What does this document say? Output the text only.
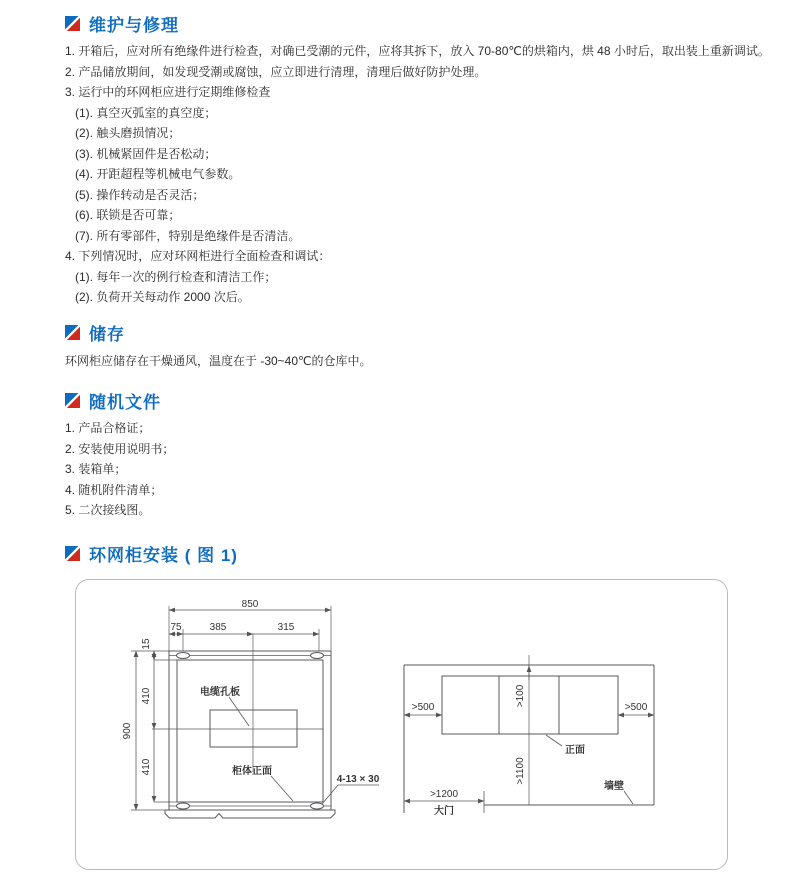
维护与修理

1. 开箱后，应对所有绝缘件进行检查，对确已受潮的元件，应将其拆下，放入 70-80℃的烘箱内，烘 48 小时后，取出装上重新调试。

2. 产品储放期间，如发现受潮或腐蚀，应立即进行清理，清理后做好防护处理。

3. 运行中的环网柜应进行定期维修检查

(1). 真空灭弧室的真空度；

(2). 触头磨损情况；

(3). 机械紧固件是否松动；

(4). 开距超程等机械电气参数。

(5). 操作转动是否灵活；

(6). 联锁是否可靠；

(7). 所有零部件，特别是绝缘件是否清洁。

4. 下列情况时，应对环网柜进行全面检查和调试：

(1). 每年一次的例行检查和清洁工作；

(2). 负荷开关每动作 2000 次后。

储存

环网柜应储存在干燥通风，温度在于 -30~40℃的仓库中。

随机文件

1. 产品合格证；

2. 安装使用说明书；

3. 装箱单；

4. 随机附件清单；

5. 二次接线图。

环网柜安装 ( 图 1)
850
75	385	315
15
410
410
900
电缆孔板
柜体正面
4-13 × 30
>100
>500	>500
>1100
>1200
大门
正面
墙壁
